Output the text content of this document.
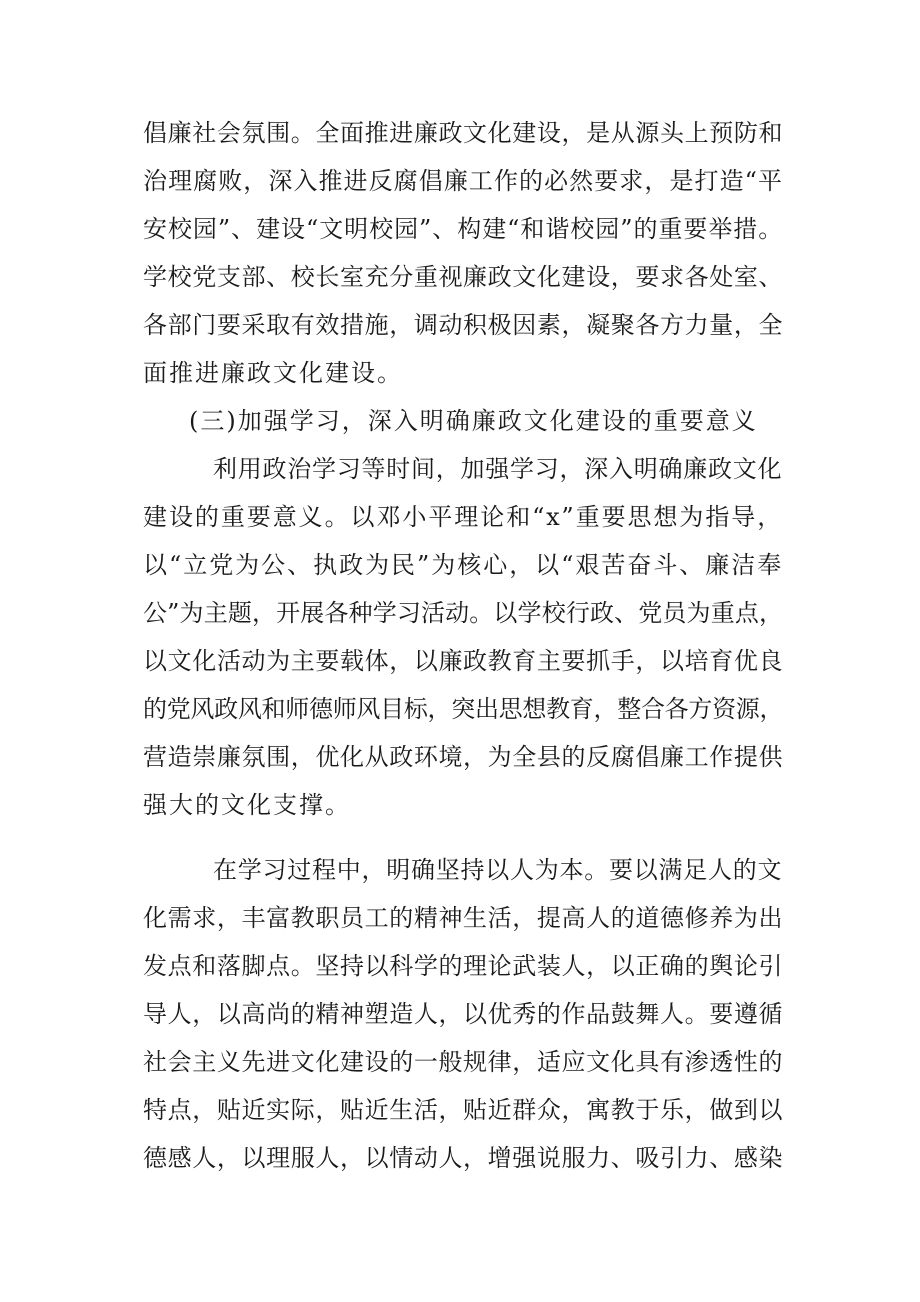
倡廉社会氛围。全面推进廉政文化建设，是从源头上预防和
治理腐败，深入推进反腐倡廉工作的必然要求，是打造“平
安校园”、建设“文明校园”、构建“和谐校园”的重要举措。
学校党支部、校长室充分重视廉政文化建设，要求各处室、
各部门要采取有效措施，调动积极因素，凝聚各方力量，全
面推进廉政文化建设。
(三)加强学习，深入明确廉政文化建设的重要意义
利用政治学习等时间，加强学习，深入明确廉政文化
建设的重要意义。以邓小平理论和“x”重要思想为指导，
以“立党为公、执政为民”为核心，以“艰苦奋斗、廉洁奉
公”为主题，开展各种学习活动。以学校行政、党员为重点，
以文化活动为主要载体，以廉政教育主要抓手，以培育优良
的党风政风和师德师风目标，突出思想教育，整合各方资源，
营造崇廉氛围，优化从政环境，为全县的反腐倡廉工作提供
强大的文化支撑。
在学习过程中，明确坚持以人为本。要以满足人的文
化需求，丰富教职员工的精神生活，提高人的道德修养为出
发点和落脚点。坚持以科学的理论武装人，以正确的舆论引
导人，以高尚的精神塑造人，以优秀的作品鼓舞人。要遵循
社会主义先进文化建设的一般规律，适应文化具有渗透性的
特点，贴近实际，贴近生活，贴近群众，寓教于乐，做到以
德感人，以理服人，以情动人，增强说服力、吸引力、感染
